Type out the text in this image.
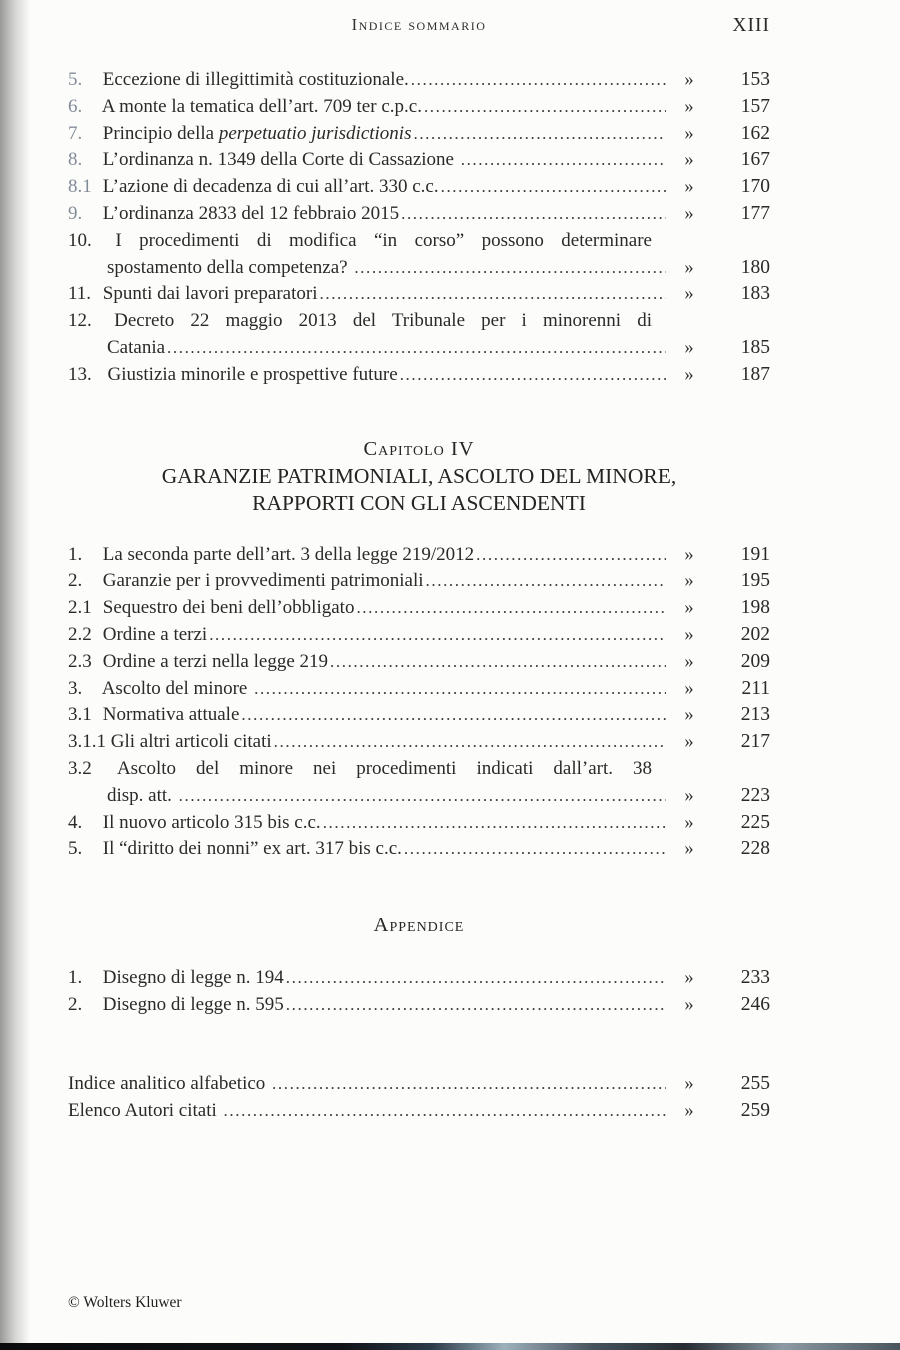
Indice sommario	XIII
5. Eccezione di illegittimità costituzionale. .....	»	153
6. A monte la tematica dell’art. 709 ter c.p.c. .....	»	157
7. Principio della perpetuatio jurisdictionis .....	»	162
8. L’ordinanza n. 1349 della Corte di Cassazione .....	»	167
8.1 L’azione di decadenza di cui all’art. 330 c.c. .....	»	170
9. L’ordinanza 2833 del 12 febbraio 2015 .....	»	177
10. I procedimenti di modifica “in corso” possono determinare
spostamento della competenza? .....	»	180
11. Spunti dai lavori preparatori .....	»	183
12. Decreto 22 maggio 2013 del Tribunale per i minorenni di
Catania .....	»	185
13.  Giustizia minorile e prospettive future .....	»	187
Capitolo IV
GARANZIE PATRIMONIALI, ASCOLTO DEL MINORE,
RAPPORTI CON GLI ASCENDENTI
1. La seconda parte dell’art. 3 della legge 219/2012 .....	»	191
2. Garanzie per i provvedimenti patrimoniali .....	»	195
2.1 Sequestro dei beni dell’obbligato .....	»	198
2.2 Ordine a terzi .....	»	202
2.3 Ordine a terzi nella legge 219 .....	»	209
3. Ascolto del minore .....	»	211
3.1 Normativa attuale .....	»	213
3.1.1 Gli altri articoli citati .....	»	217
3.2 Ascolto del minore nei procedimenti indicati dall’art. 38
disp. att. .....	»	223
4. Il nuovo articolo 315 bis c.c. .....	»	225
5. Il “diritto dei nonni” ex art. 317 bis c.c. .....	»	228
Appendice
1. Disegno di legge n. 194 .....	»	233
2. Disegno di legge n. 595 .....	»	246
Indice analitico alfabetico .....	»	255
Elenco Autori citati .....	»	259
© Wolters Kluwer
